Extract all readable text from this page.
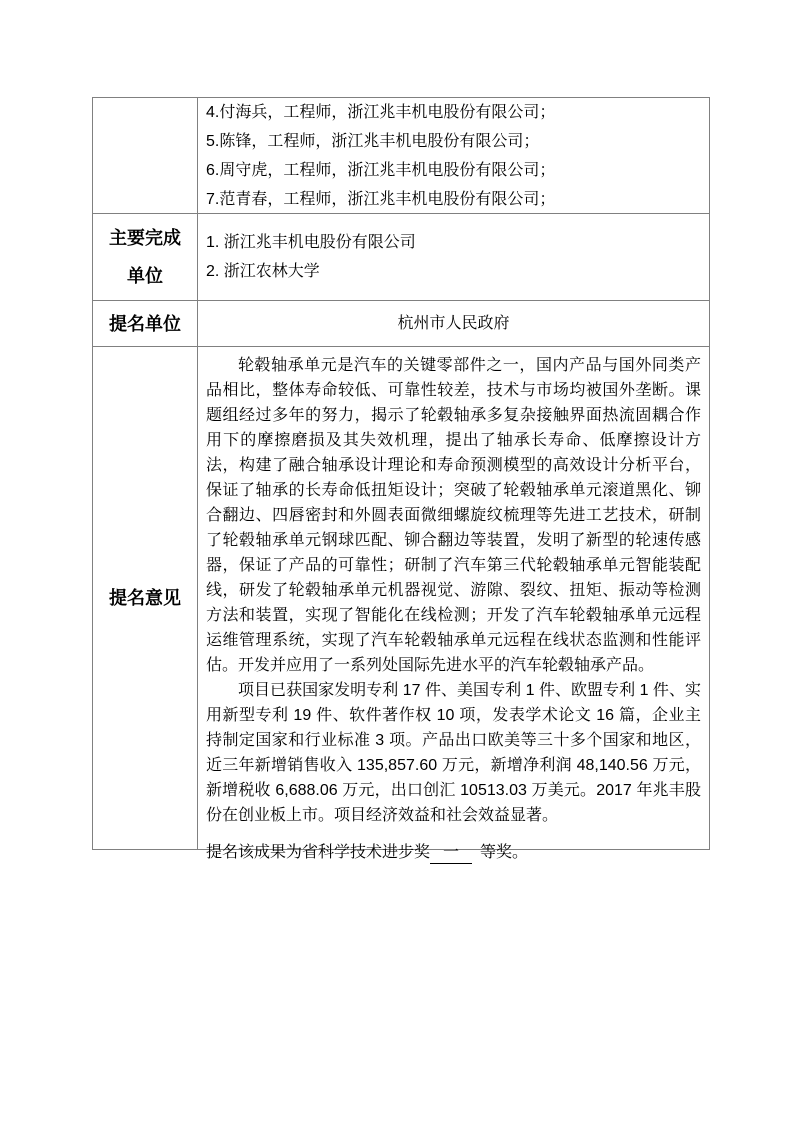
4.付海兵，工程师，浙江兆丰机电股份有限公司；
5.陈锋，工程师，浙江兆丰机电股份有限公司；
6.周守虎，工程师，浙江兆丰机电股份有限公司；
7.范青春，工程师，浙江兆丰机电股份有限公司；
主要完成
单位
1. 浙江兆丰机电股份有限公司
2. 浙江农林大学
提名单位	杭州市人民政府
提名意见

轮毂轴承单元是汽车的关键零部件之一，国内产品与国外同类产品相比，整体寿命较低、可靠性较差，技术与市场均被国外垄断。课题组经过多年的努力，揭示了轮毂轴承多复杂接触界面热流固耦合作用下的摩擦磨损及其失效机理，提出了轴承长寿命、低摩擦设计方法，构建了融合轴承设计理论和寿命预测模型的高效设计分析平台，保证了轴承的长寿命低扭矩设计；突破了轮毂轴承单元滚道黑化、铆合翻边、四唇密封和外圆表面微细螺旋纹梳理等先进工艺技术，研制了轮毂轴承单元钢球匹配、铆合翻边等装置，发明了新型的轮速传感器，保证了产品的可靠性；研制了汽车第三代轮毂轴承单元智能装配线，研发了轮毂轴承单元机器视觉、游隙、裂纹、扭矩、振动等检测方法和装置，实现了智能化在线检测；开发了汽车轮毂轴承单元远程运维管理系统，实现了汽车轮毂轴承单元远程在线状态监测和性能评估。开发并应用了一系列处国际先进水平的汽车轮毂轴承产品。

项目已获国家发明专利 17 件、美国专利 1 件、欧盟专利 1 件、实用新型专利 19 件、软件著作权 10 项，发表学术论文 16 篇，企业主持制定国家和行业标准 3 项。产品出口欧美等三十多个国家和地区，近三年新增销售收入 135,857.60 万元，新增净利润 48,140.56 万元，新增税收 6,688.06 万元，出口创汇 10513.03 万美元。2017 年兆丰股份在创业板上市。项目经济效益和社会效益显著。

提名该成果为省科学技术进步奖 一 等奖。
